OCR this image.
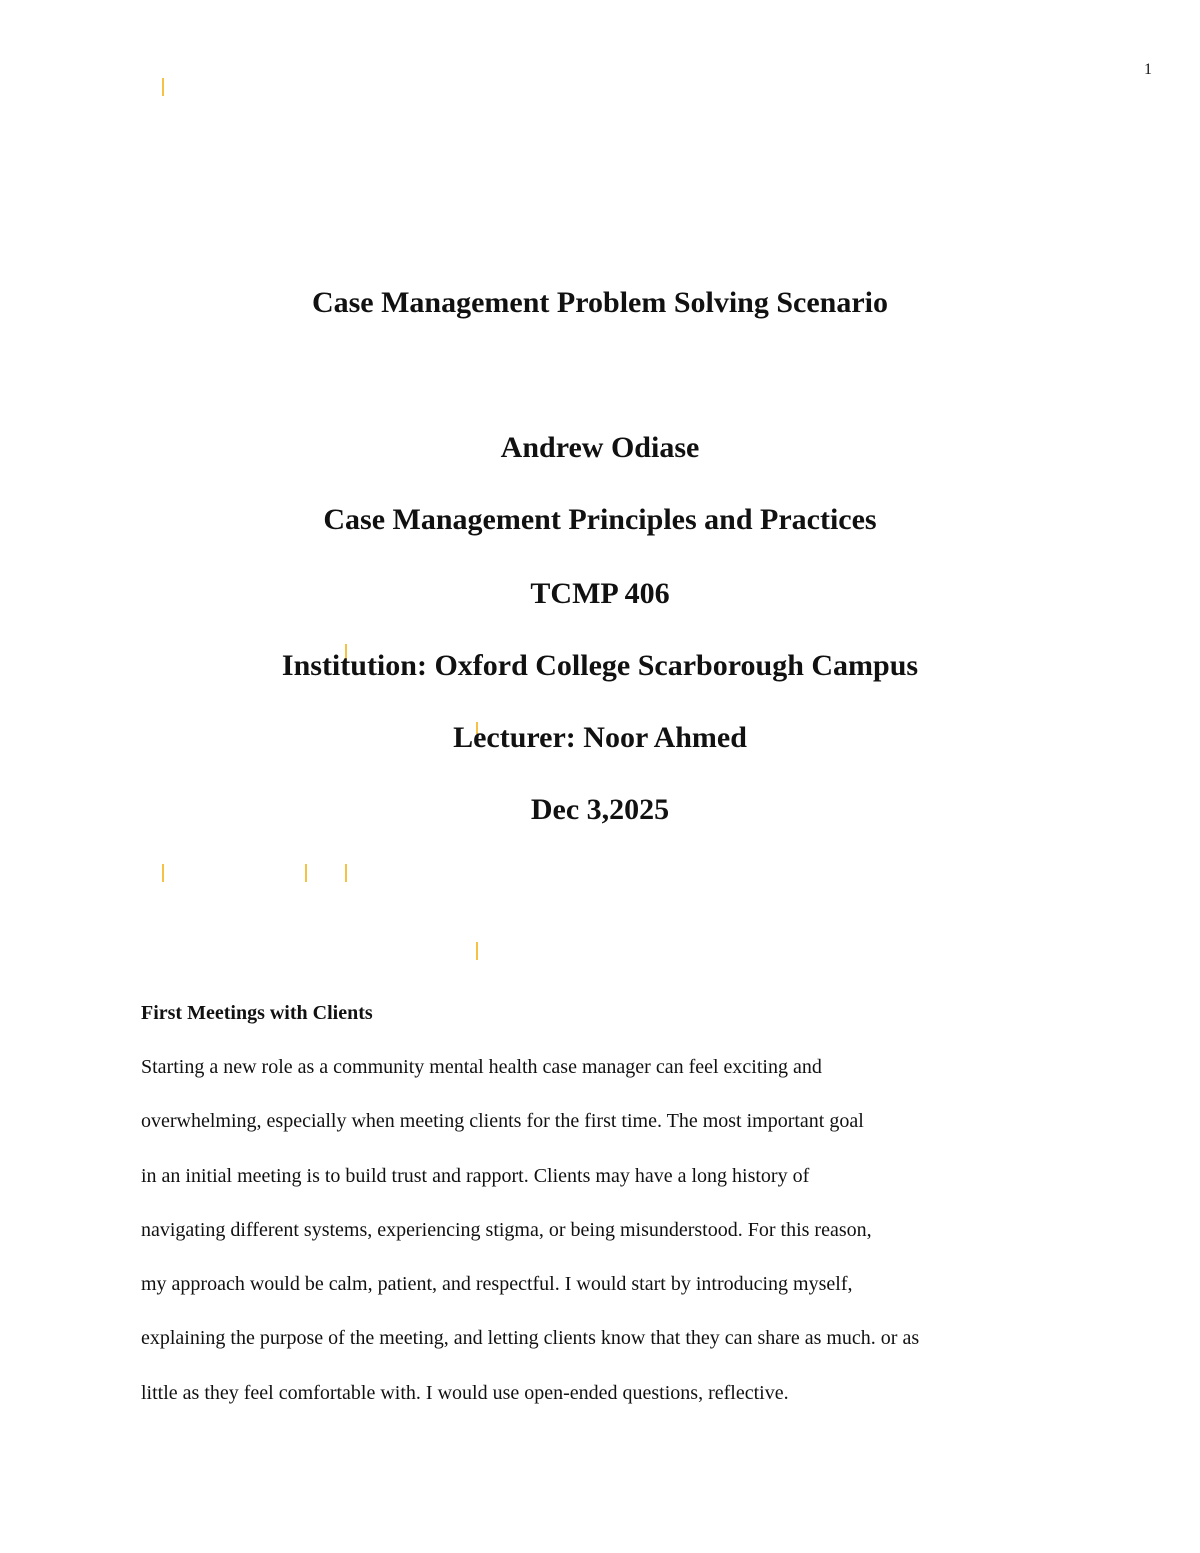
1
Case Management Problem Solving Scenario
Andrew Odiase
Case Management Principles and Practices
TCMP 406
Institution: Oxford College Scarborough Campus
Lecturer: Noor Ahmed
Dec 3,2025
First Meetings with Clients
Starting a new role as a community mental health case manager can feel exciting and
overwhelming, especially when meeting clients for the first time. The most important goal
in an initial meeting is to build trust and rapport. Clients may have a long history of
navigating different systems, experiencing stigma, or being misunderstood. For this reason,
my approach would be calm, patient, and respectful. I would start by introducing myself,
explaining the purpose of the meeting, and letting clients know that they can share as much. or as
little as they feel comfortable with. I would use open-ended questions, reflective.
